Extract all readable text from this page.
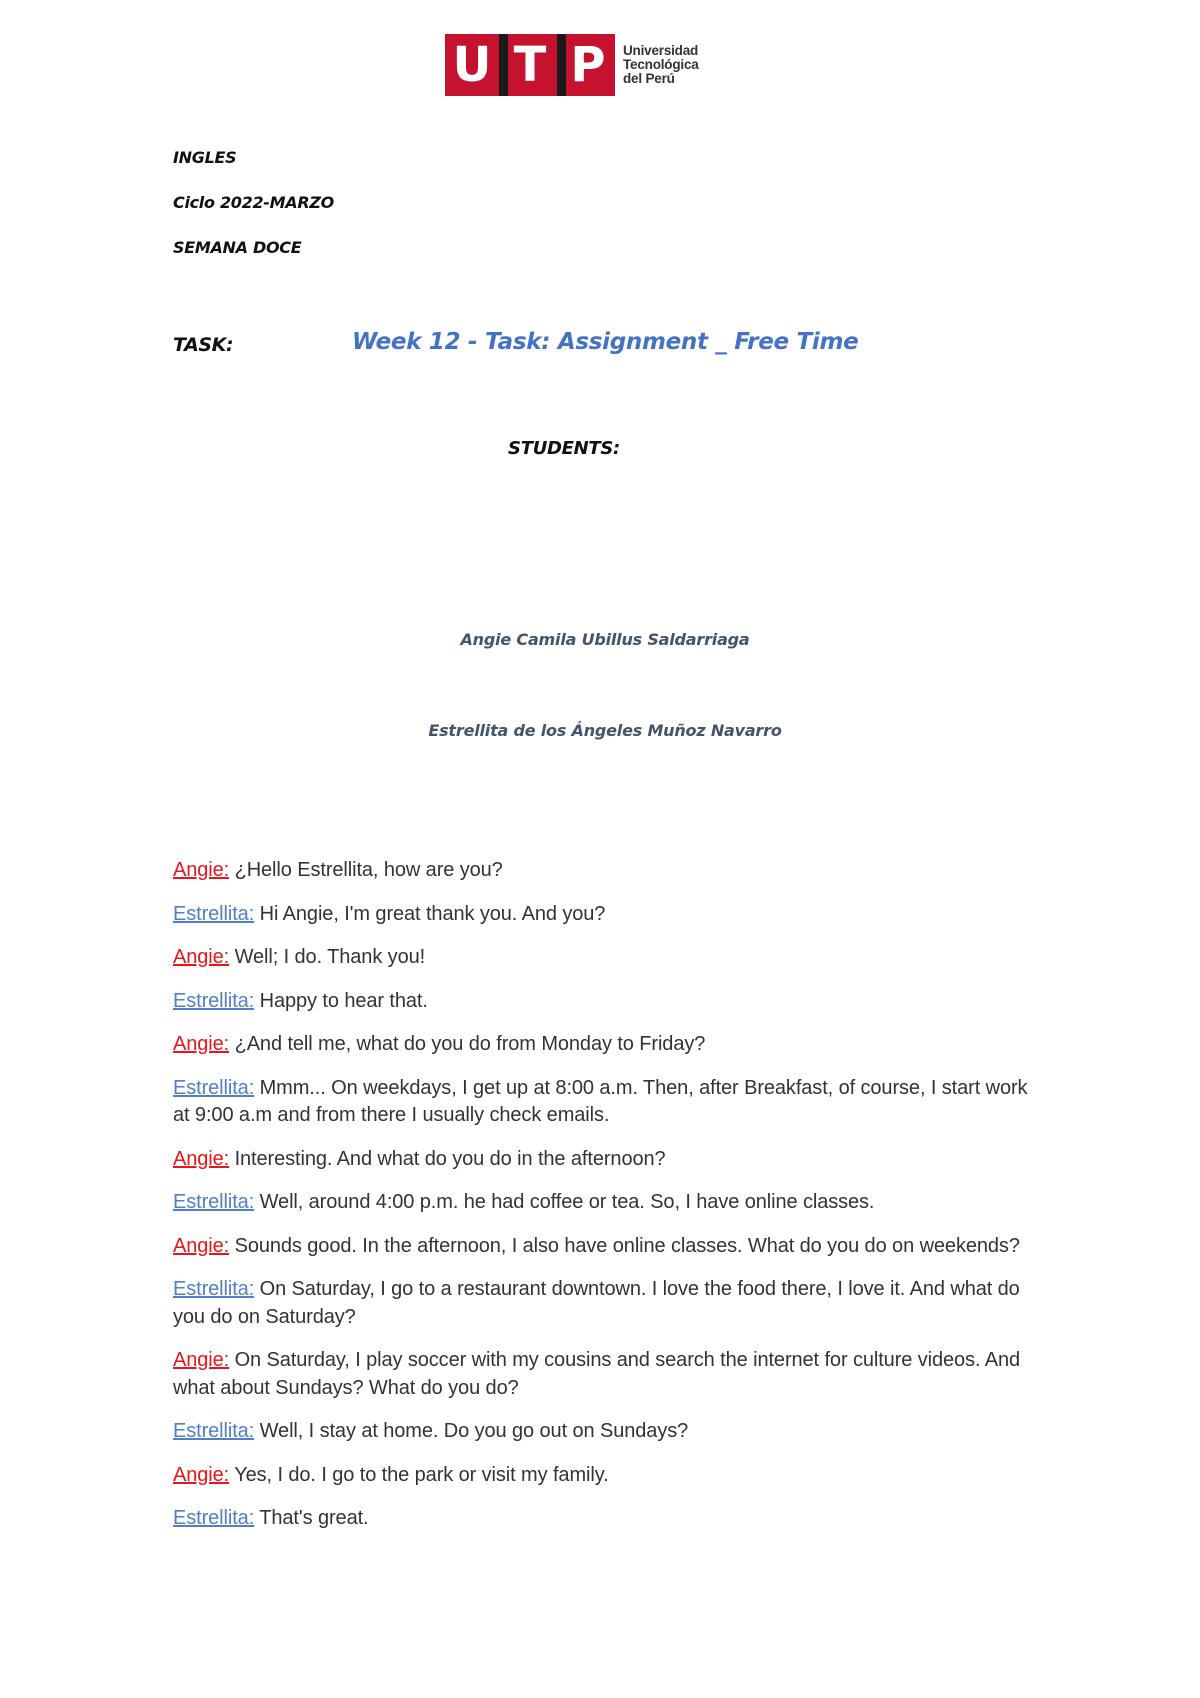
U T P	Universidad
Tecnológica
del Perú
INGLES
Ciclo 2022-MARZO
SEMANA DOCE
TASK:	Week 12 - Task: Assignment _ Free Time
STUDENTS:
Angie Camila Ubillus Saldarriaga
Estrellita de los Ángeles Muñoz Navarro
Angie: ¿Hello Estrellita, how are you?
Estrellita: Hi Angie, I'm great thank you. And you?
Angie: Well; I do. Thank you!
Estrellita: Happy to hear that.
Angie: ¿And tell me, what do you do from Monday to Friday?
Estrellita: Mmm... On weekdays, I get up at 8:00 a.m. Then, after Breakfast, of course, I start work at 9:00 a.m and from there I usually check emails.
Angie: Interesting. And what do you do in the afternoon?
Estrellita: Well, around 4:00 p.m. he had coffee or tea. So, I have online classes.
Angie: Sounds good. In the afternoon, I also have online classes. What do you do on weekends?
Estrellita: On Saturday, I go to a restaurant downtown. I love the food there, I love it. And what do you do on Saturday?
Angie: On Saturday, I play soccer with my cousins and search the internet for culture videos. And what about Sundays? What do you do?
Estrellita: Well, I stay at home. Do you go out on Sundays?
Angie: Yes, I do. I go to the park or visit my family.
Estrellita: That's great.
